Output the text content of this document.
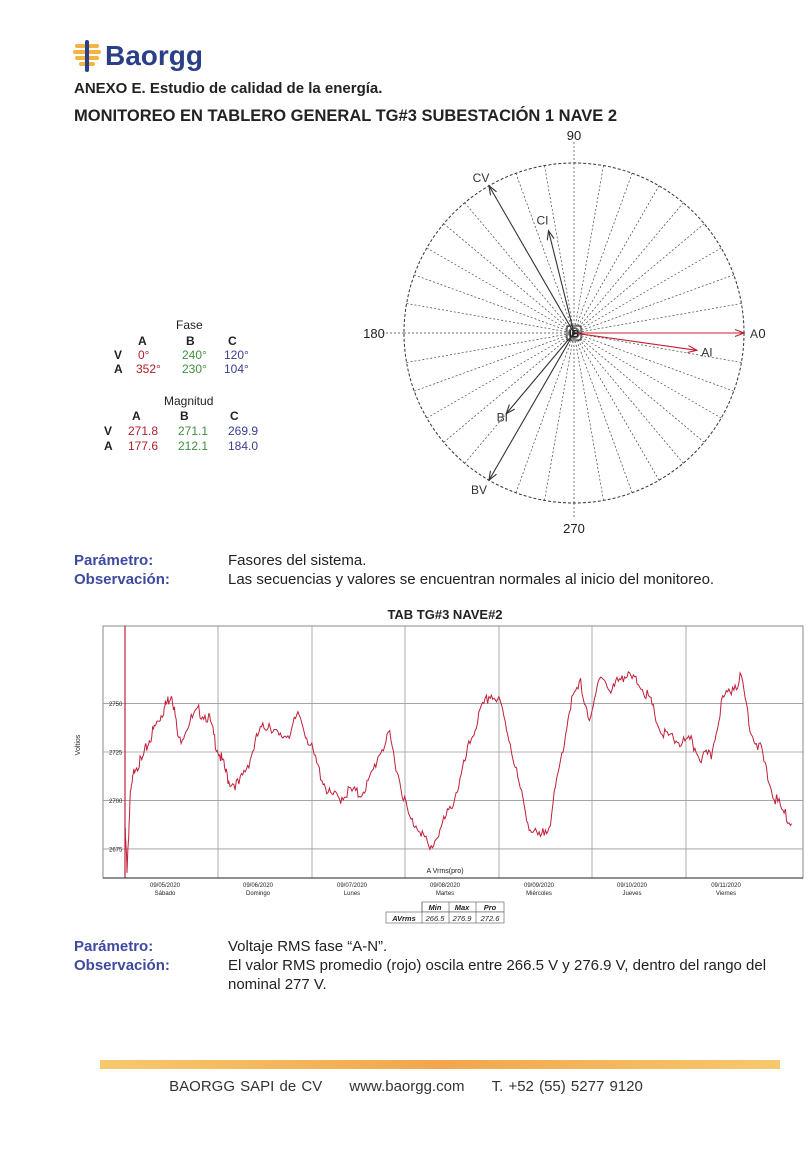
Baorgg
ANEXO E. Estudio de calidad de la energía.
MONITOREO EN TABLERO GENERAL TG#3 SUBESTACIÓN 1 NAVE 2
Fase
A	B	C
V 0°	240° 120°
A 352° 230° 104°
Magnitud
A	B	C
V 271.8 271.1 269.9
A 177.6 212.1 184.0
A
AI
BV
BI
CV
CI
90
180
270
0
IB
Parámetro:	Fasores del sistema.
Observación:	Las secuencias y valores se encuentran normales al inicio del monitoreo.
TAB TG#3 NAVE#2
2675
2700
2725
2750
09/05/2020
Sábado
09/06/2020
Domingo
09/07/2020
Lunes
09/08/2020
Martes
09/09/2020
Miércoles
09/10/2020
Jueves
09/11/2020
Viernes
Voltios
A Vrms(pro)
Min Max Pro
AVrms 266.5 276.9 272.6
Parámetro:	Voltaje RMS fase “A-N”.
Observación:	El valor RMS promedio (rojo) oscila entre 266.5 V y 276.9 V, dentro del rango del
nominal 277 V.
BAORGG SAPI de CV www.baorgg.com T. +52 (55) 5277 9120
